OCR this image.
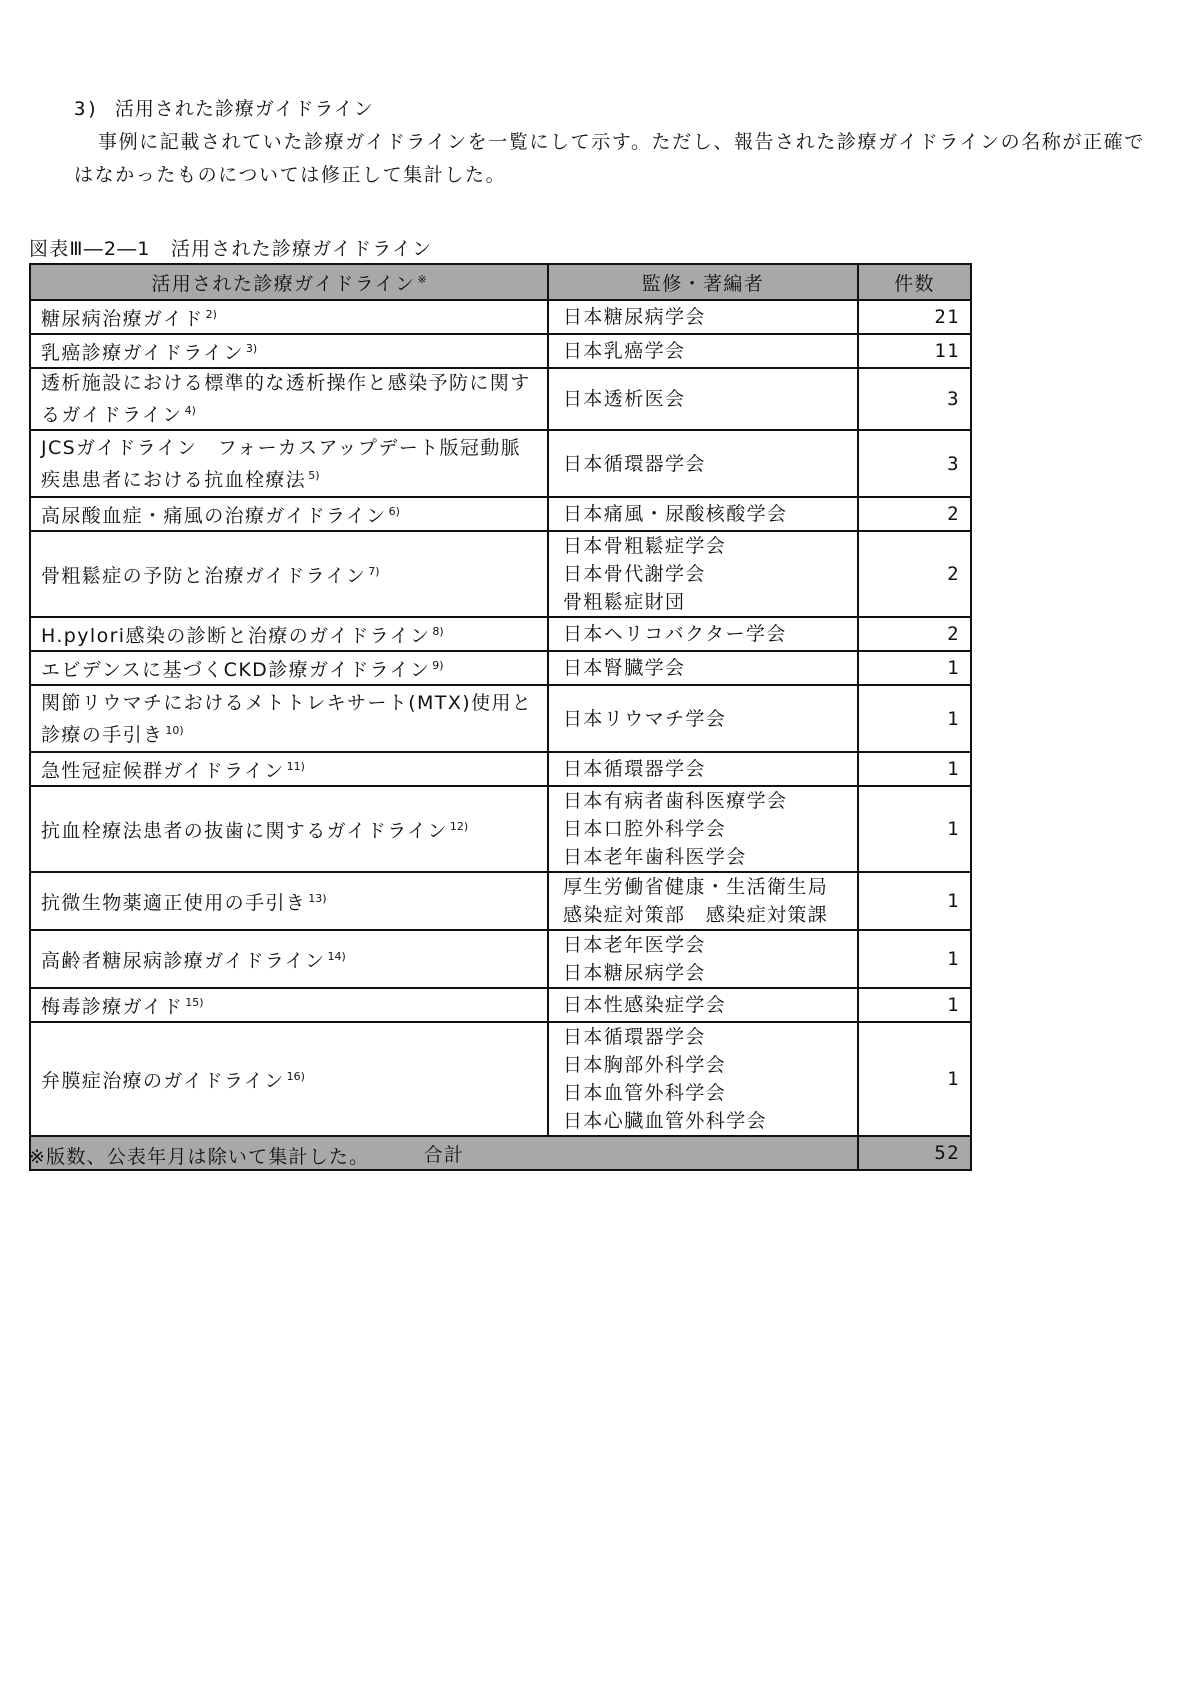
3) 活用された診療ガイドライン
事例に記載されていた診療ガイドラインを一覧にして示す。ただし、報告された診療ガイドラインの名称が正確ではなかったものについては修正して集計した。
図表Ⅲ―2―1　活用された診療ガイドライン
活用された診療ガイドライン ※	監修・著編者	件数
糖尿病治療ガイド $^{2)}$	日本糖尿病学会	21
乳癌診療ガイドライン $^{3)}$	日本乳癌学会	11
透析施設における標準的な透析操作と感染予防に関するガイドライン $^{4)}$	日本透析医会	3
JCSガイドライン　フォーカスアップデート版冠動脈疾患患者における抗血栓療法 $^{5)}$	日本循環器学会	3
高尿酸血症・痛風の治療ガイドライン $^{6)}$	日本痛風・尿酸核酸学会	2
骨粗鬆症の予防と治療ガイドライン $^{7)}$	日本骨粗鬆症学会
日本骨代謝学会
骨粗鬆症財団	2
H.pylori感染の診断と治療のガイドライン $^{8)}$	日本ヘリコバクター学会	2
エビデンスに基づくCKD診療ガイドライン $^{9)}$	日本腎臓学会	1
関節リウマチにおけるメトトレキサート(MTX)使用と診療の手引き $^{10)}$	日本リウマチ学会	1
急性冠症候群ガイドライン $^{11)}$	日本循環器学会	1
抗血栓療法患者の抜歯に関するガイドライン $^{12)}$	日本有病者歯科医療学会
日本口腔外科学会
日本老年歯科医学会	1
抗微生物薬適正使用の手引き $^{13)}$	厚生労働省健康・生活衛生局
感染症対策部　感染症対策課	1
高齢者糖尿病診療ガイドライン $^{14)}$	日本老年医学会
日本糖尿病学会	1
梅毒診療ガイド $^{15)}$	日本性感染症学会	1
弁膜症治療のガイドライン $^{16)}$	日本循環器学会
日本胸部外科学会
日本血管外科学会
日本心臓血管外科学会	1
合計		52
※版数、公表年月は除いて集計した。
